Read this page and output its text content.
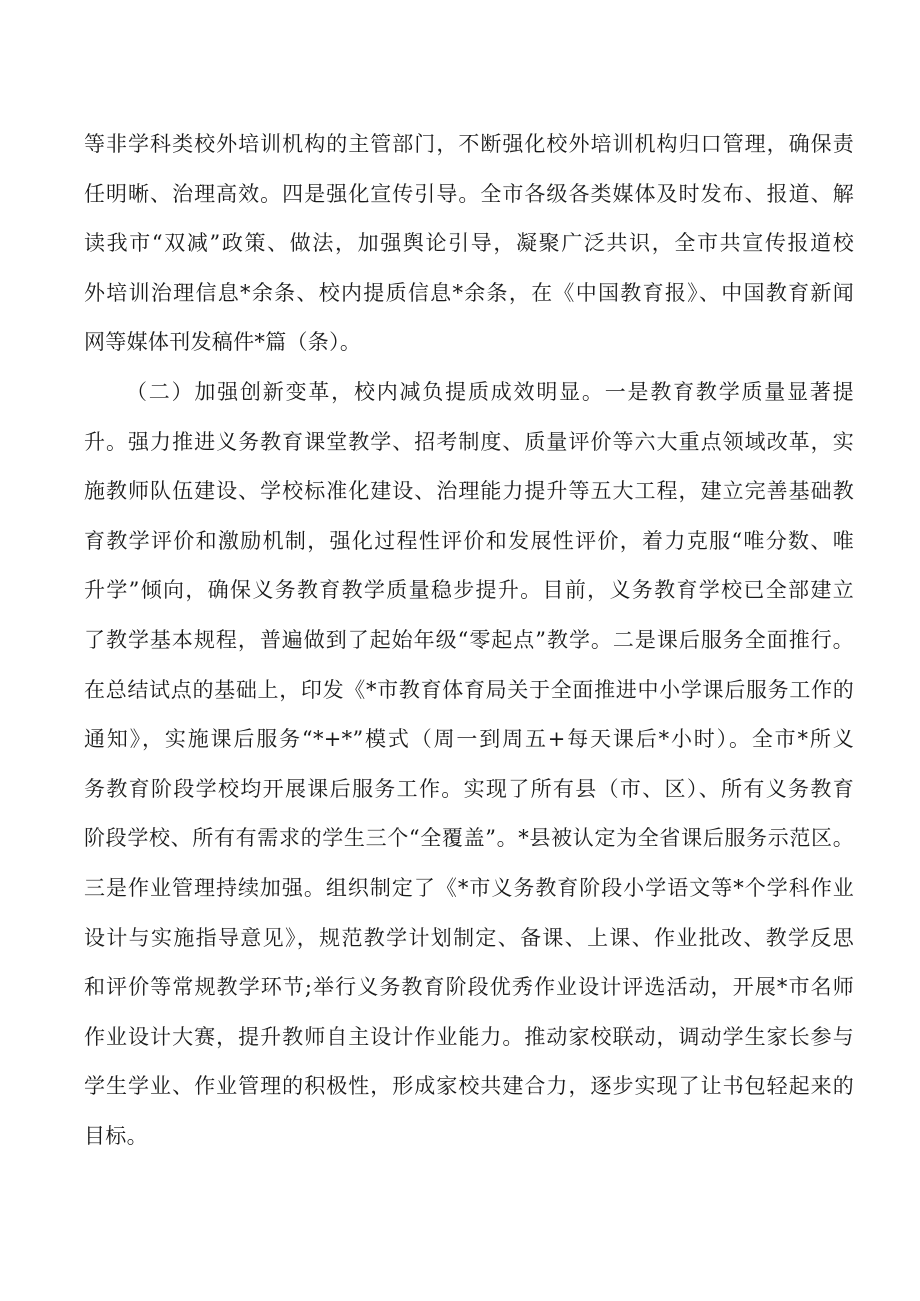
等非学科类校外培训机构的主管部门，不断强化校外培训机构归口管理，确保责
任明晰、治理高效。四是强化宣传引导。全市各级各类媒体及时发布、报道、解
读我市“双减”政策、做法，加强舆论引导，凝聚广泛共识，全市共宣传报道校
外培训治理信息*余条、校内提质信息*余条，在《中国教育报》、中国教育新闻
网等媒体刊发稿件*篇（条）。
（二）加强创新变革，校内减负提质成效明显。一是教育教学质量显著提
升。强力推进义务教育课堂教学、招考制度、质量评价等六大重点领域改革，实
施教师队伍建设、学校标准化建设、治理能力提升等五大工程，建立完善基础教
育教学评价和激励机制，强化过程性评价和发展性评价，着力克服“唯分数、唯
升学”倾向，确保义务教育教学质量稳步提升。目前，义务教育学校已全部建立
了教学基本规程，普遍做到了起始年级“零起点”教学。二是课后服务全面推行。
在总结试点的基础上，印发《*市教育体育局关于全面推进中小学课后服务工作的
通知》，实施课后服务“*+*”模式（周一到周五+每天课后*小时）。全市*所义
务教育阶段学校均开展课后服务工作。实现了所有县（市、区）、所有义务教育
阶段学校、所有有需求的学生三个“全覆盖”。*县被认定为全省课后服务示范区。
三是作业管理持续加强。组织制定了《*市义务教育阶段小学语文等*个学科作业
设计与实施指导意见》，规范教学计划制定、备课、上课、作业批改、教学反思
和评价等常规教学环节;举行义务教育阶段优秀作业设计评选活动，开展*市名师
作业设计大赛，提升教师自主设计作业能力。推动家校联动，调动学生家长参与
学生学业、作业管理的积极性，形成家校共建合力，逐步实现了让书包轻起来的
目标。
